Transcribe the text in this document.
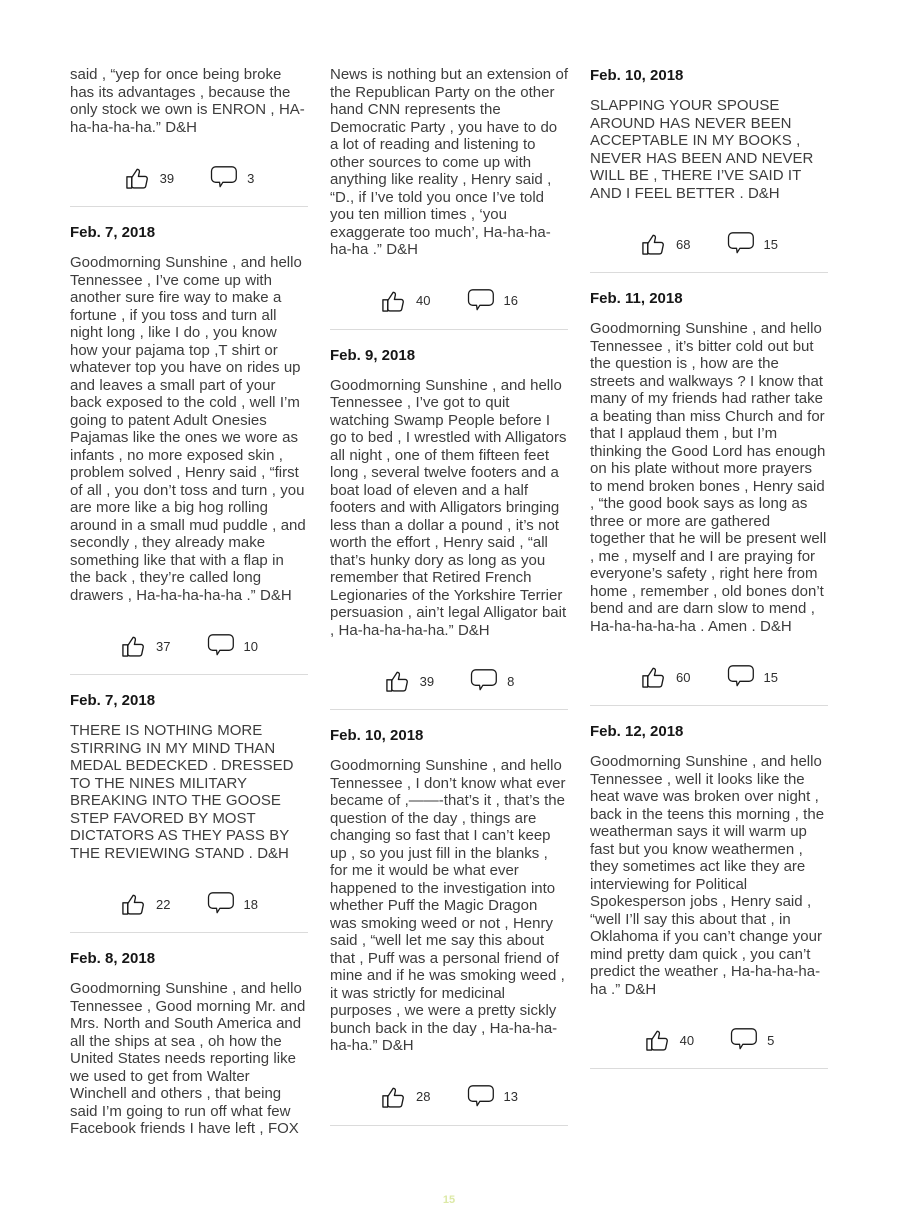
said , “yep for once being broke has its advantages , because the only stock we own is ENRON , HA-ha-ha-ha-ha.” D&H

39	3
Feb. 7, 2018

Goodmorning Sunshine , and hello Tennessee , I’ve come up with another sure fire way to make a fortune , if you toss and turn all night long , like I do , you know how your pajama top ,T shirt or whatever top you have on rides up and leaves a small part of your back exposed to the cold , well I’m going to patent Adult Onesies Pajamas like the ones we wore as infants , no more exposed skin , problem solved , Henry said , “first of all , you don’t toss and turn , you are more like a big hog rolling around in a small mud puddle , and secondly , they already make something like that with a flap in the back , they’re called long drawers , Ha-ha-ha-ha-ha .” D&H

37	10
Feb. 7, 2018

THERE IS NOTHING MORE STIRRING IN MY MIND THAN MEDAL BEDECKED . DRESSED TO THE NINES MILITARY BREAKING INTO THE GOOSE STEP FAVORED BY MOST DICTATORS AS THEY PASS BY THE REVIEWING STAND . D&H

22	18
Feb. 8, 2018

Goodmorning Sunshine , and hello Tennessee , Good morning Mr. and Mrs. North and South America and all the ships at sea , oh how the United States needs reporting like we used to get from Walter Winchell and others , that being said I’m going to run off what few Facebook friends I have left , FOX

News is nothing but an extension of the Republican Party on the other hand CNN represents the Democratic Party , you have to do a lot of reading and listening to other sources to come up with anything like reality , Henry said , “D., if I’ve told you once I’ve told you ten million times , ‘you exaggerate too much’, Ha-ha-ha-ha-ha .” D&H

40	16
Feb. 9, 2018

Goodmorning Sunshine , and hello Tennessee , I’ve got to quit watching Swamp People before I go to bed , I wrestled with Alligators all night , one of them fifteen feet long , several twelve footers and a boat load of eleven and a half footers and with Alligators bringing less than a dollar a pound , it’s not worth the effort , Henry said , “all that’s hunky dory as long as you remember that Retired French Legionaries of the Yorkshire Terrier persuasion , ain’t legal Alligator bait , Ha-ha-ha-ha-ha.” D&H

39	8
Feb. 10, 2018

Goodmorning Sunshine , and hello Tennessee , I don’t know what ever became of ,——-that’s it , that’s the question of the day , things are changing so fast that I can’t keep up , so you just fill in the blanks , for me it would be what ever happened to the investigation into whether Puff the Magic Dragon was smoking weed or not , Henry said , “well let me say this about that , Puff was a personal friend of mine and if he was smoking weed , it was strictly for medicinal purposes , we were a pretty sickly bunch back in the day , Ha-ha-ha-ha-ha.” D&H

28	13
Feb. 10, 2018

SLAPPING YOUR SPOUSE AROUND HAS NEVER BEEN ACCEPTABLE IN MY BOOKS , NEVER HAS BEEN AND NEVER WILL BE , THERE I’VE SAID IT AND I FEEL BETTER . D&H

68	15
Feb. 11, 2018

Goodmorning Sunshine , and hello Tennessee , it’s bitter cold out but the question is , how are the streets and walkways ? I know that many of my friends had rather take a beating than miss Church and for that I applaud them , but I’m thinking the Good Lord has enough on his plate without more prayers to mend broken bones , Henry said , “the good book says as long as three or more are gathered together that he will be present well , me , myself and I are praying for everyone’s safety , right here from home , remember , old bones don’t bend and are darn slow to mend , Ha-ha-ha-ha-ha . Amen . D&H

60	15
Feb. 12, 2018

Goodmorning Sunshine , and hello Tennessee , well it looks like the heat wave was broken over night , back in the teens this morning , the weatherman says it will warm up fast but you know weathermen , they sometimes act like they are interviewing for Political Spokesperson jobs , Henry said , “well I’ll say this about that , in Oklahoma if you can’t change your mind pretty dam quick , you can’t predict the weather , Ha-ha-ha-ha-ha .” D&H

40	5
15
